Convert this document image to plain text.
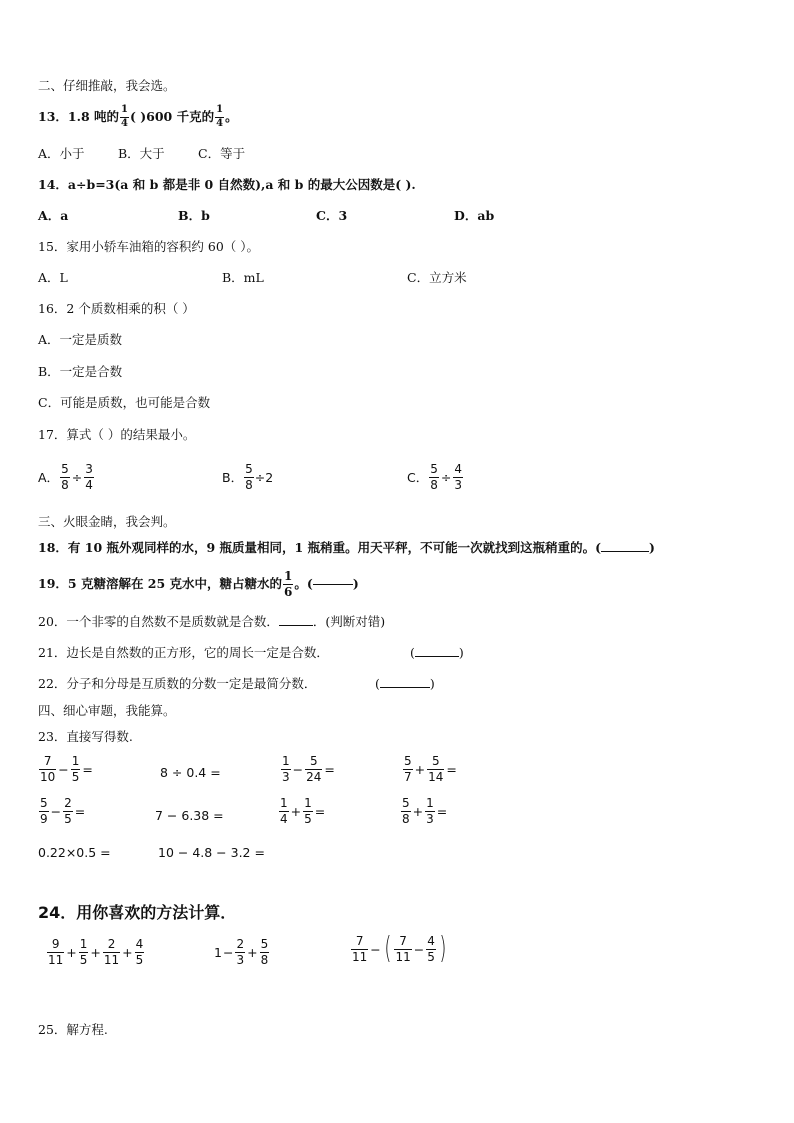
二、仔细推敲，我会选。
13．1.8 吨的 $\frac{1}{4}$ ( )600 千克的 $\frac{1}{4}$ 。
A．小于	B．大于	C．等于
14．a÷b=3(a 和 b 都是非 0 自然数),a 和 b 的最大公因数是( ).
A．a	B．b	C．3	D．ab
15．家用小轿车油箱的容积约 60（ ）。
A．L	B．mL	C．立方米
16．2 个质数相乘的积（ ）
A．一定是质数
B．一定是合数
C．可能是质数，也可能是合数
17．算式（ ）的结果最小。
A． $\frac{5}{8} \div \frac{3}{4}$	B． $\frac{5}{8} \div 2$	C． $\frac{5}{8} \div \frac{4}{3}$
三、火眼金睛，我会判。
18．有 10 瓶外观同样的水，9 瓶质量相同，1 瓶稍重。用天平秤，不可能一次就找到这瓶稍重的。(	)
19．5 克糖溶解在 25 克水中，糖占糖水的 $\frac{1}{6}$ 。(	)
20．一个非零的自然数不是质数就是合数．	．(判断对错)
21．边长是自然数的正方形，它的周长一定是合数．	(	)
22．分子和分母是互质数的分数一定是最简分数．	(	)
四、细心审题，我能算。
23．直接写得数.
$\frac{7}{10} - \frac{1}{5}$ =	8 ÷ 0.4 =	$\frac{1}{3} - \frac{5}{24}$ =	$\frac{5}{7} + \frac{5}{14}$ =
$\frac{5}{9} - \frac{2}{5}$ =	7 − 6.38 =	$\frac{1}{4} + \frac{1}{5}$ =	$\frac{5}{8} + \frac{1}{3}$ =
0.22×0.5 =	10 − 4.8 − 3.2 =
24．用你喜欢的方法计算．
$\frac{9}{11} + \frac{1}{5} + \frac{2}{11} + \frac{4}{5}$	$1 - \frac{2}{3} + \frac{5}{8}$	$\frac{7}{11}$ − ( $\frac{7}{11} - \frac{4}{5}$ )
25．解方程.
